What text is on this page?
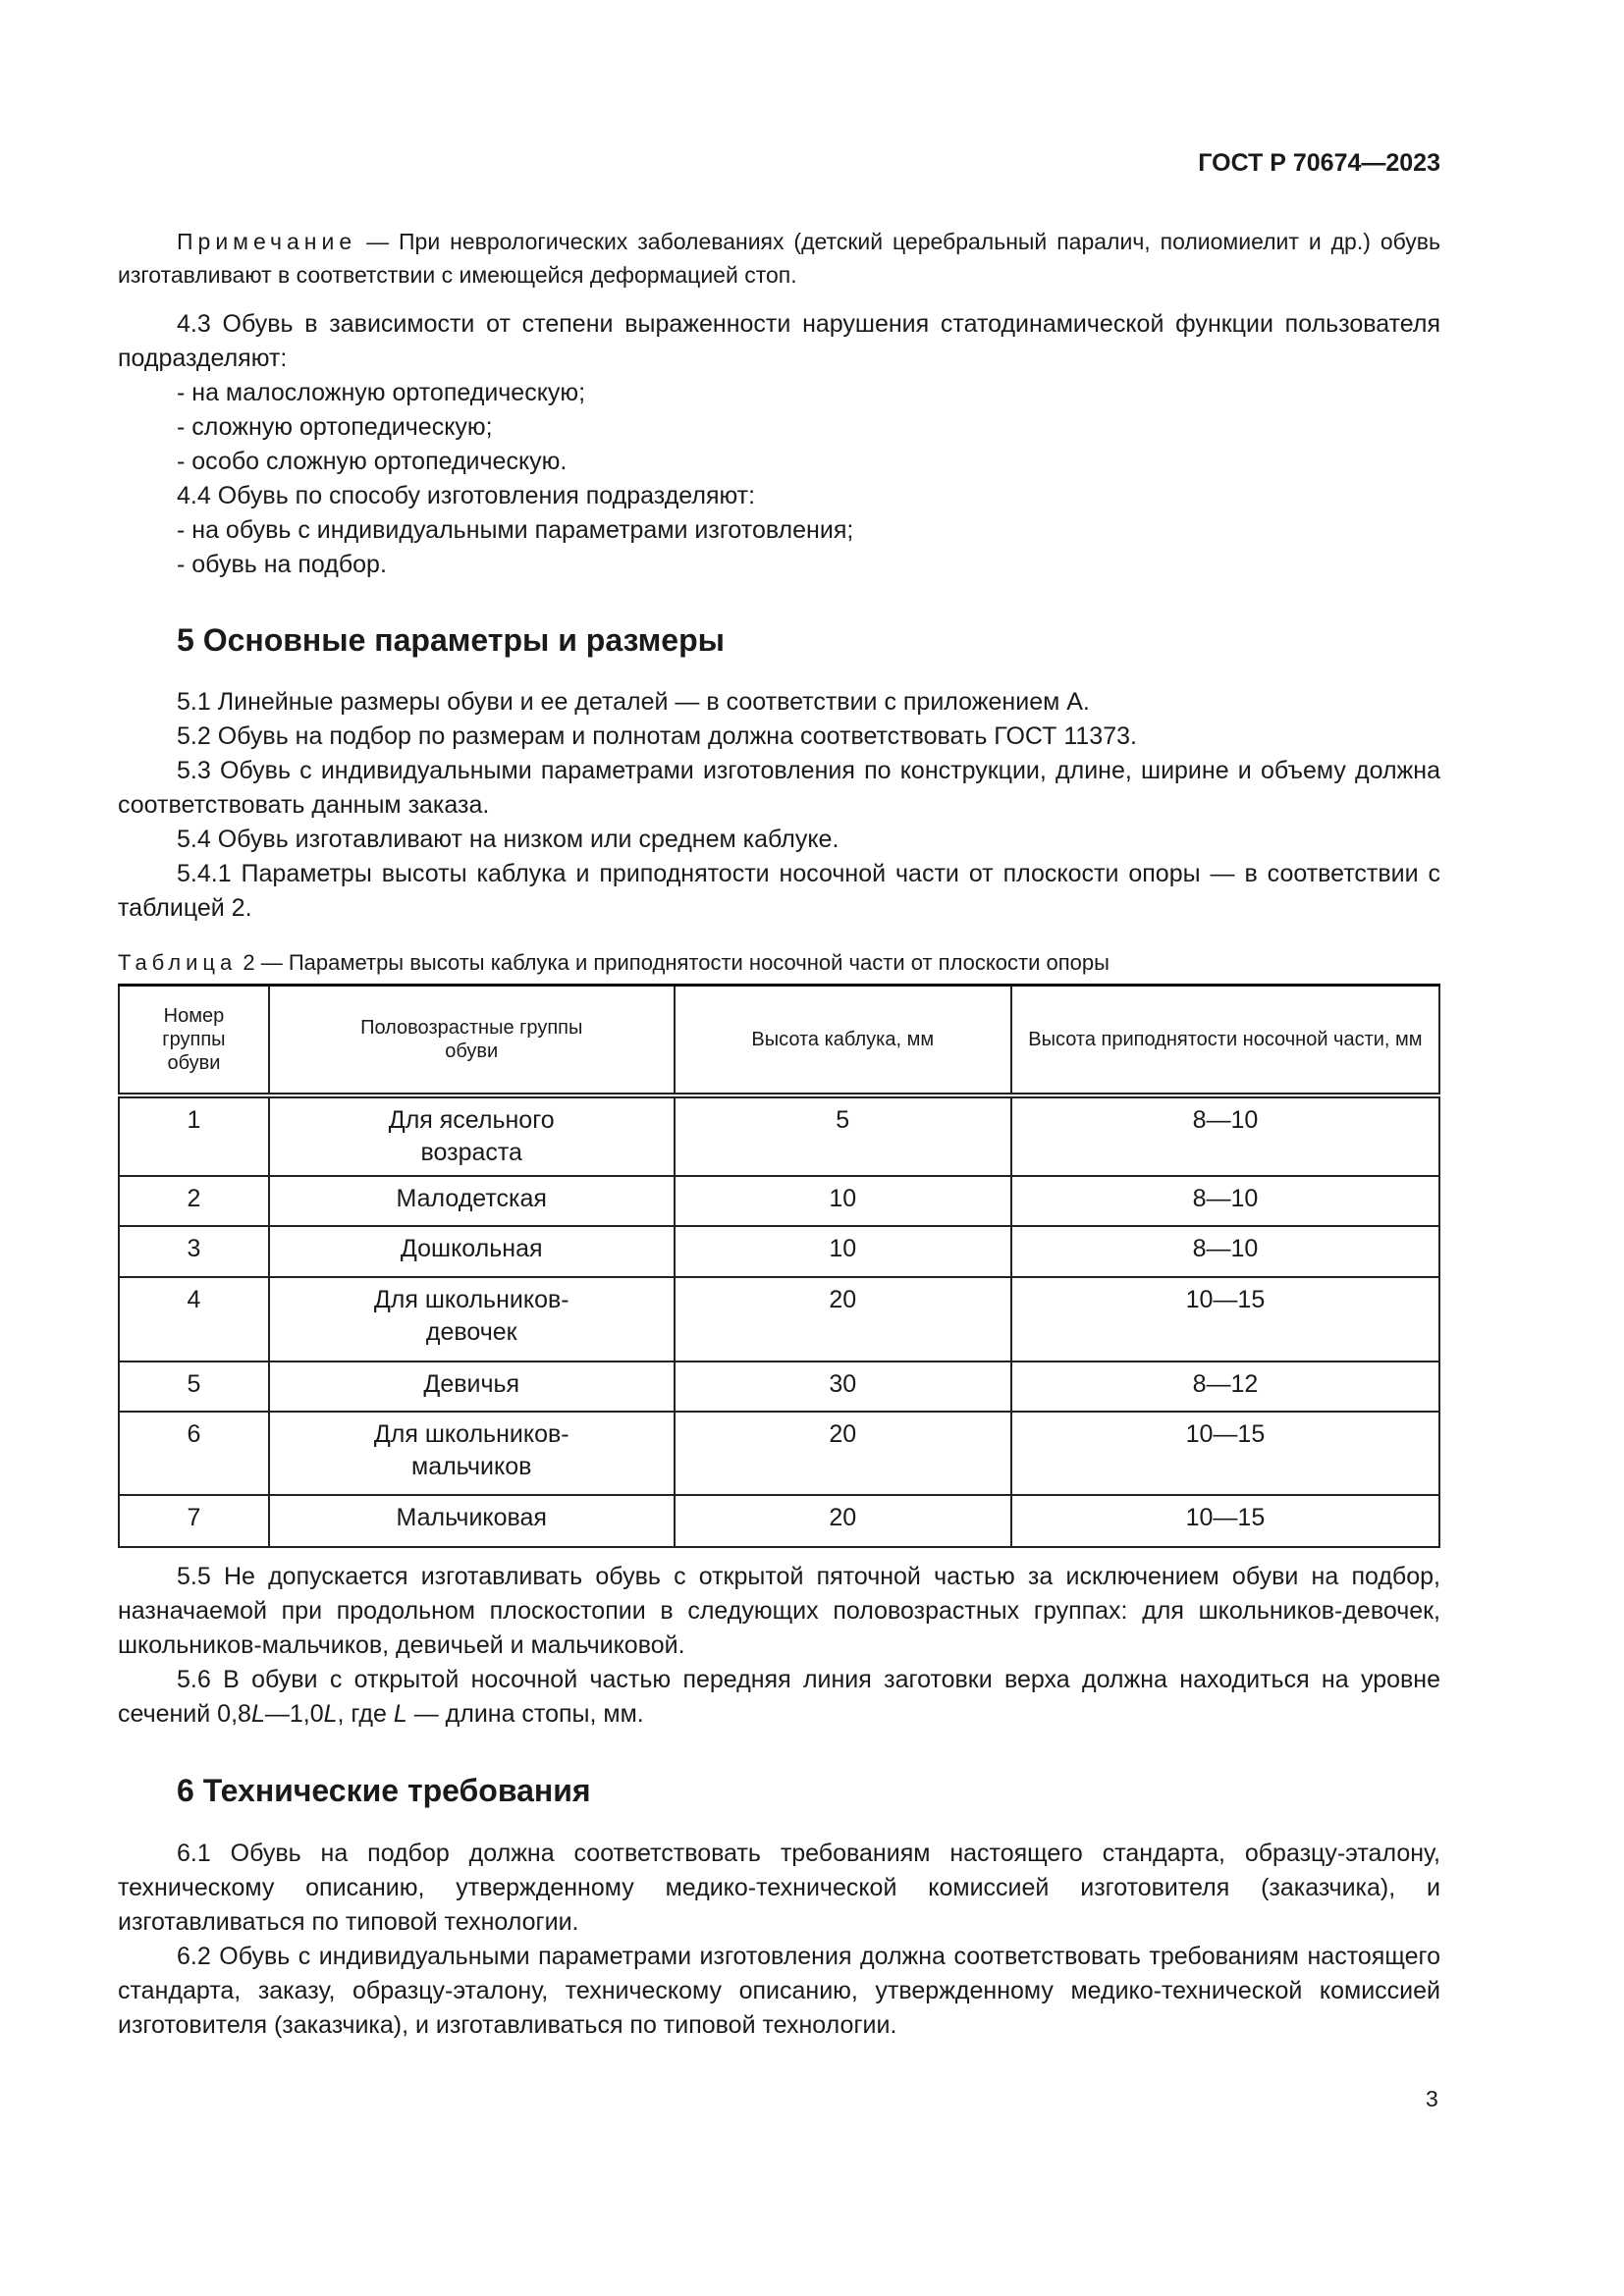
ГОСТ Р 70674—2023

Примечание — При неврологических заболеваниях (детский церебральный паралич, полиомиелит и др.) обувь изготавливают в соответствии с имеющейся деформацией стоп.

4.3 Обувь в зависимости от степени выраженности нарушения статодинамической функции пользователя подразделяют:

- на малосложную ортопедическую;

- сложную ортопедическую;

- особо сложную ортопедическую.

4.4 Обувь по способу изготовления подразделяют:

- на обувь с индивидуальными параметрами изготовления;

- обувь на подбор.

5 Основные параметры и размеры

5.1 Линейные размеры обуви и ее деталей — в соответствии с приложением А.

5.2 Обувь на подбор по размерам и полнотам должна соответствовать ГОСТ 11373.

5.3 Обувь с индивидуальными параметрами изготовления по конструкции, длине, ширине и объему должна соответствовать данным заказа.

5.4 Обувь изготавливают на низком или среднем каблуке.

5.4.1 Параметры высоты каблука и приподнятости носочной части от плоскости опоры — в соответствии с таблицей 2.

Таблица 2 — Параметры высоты каблука и приподнятости носочной части от плоскости опоры
Номер группы обуви	Половозрастные группы обуви	Высота каблука, мм	Высота приподнятости носочной части, мм
1	Для ясельного возраста	5	8—10
2	Малодетская	10	8—10
3	Дошкольная	10	8—10
4	Для школьников-девочек	20	10—15
5	Девичья	30	8—12
6	Для школьников-мальчиков	20	10—15
7	Мальчиковая	20	10—15

5.5 Не допускается изготавливать обувь с открытой пяточной частью за исключением обуви на подбор, назначаемой при продольном плоскостопии в следующих половозрастных группах: для школьников-девочек, школьников-мальчиков, девичьей и мальчиковой.

5.6 В обуви с открытой носочной частью передняя линия заготовки верха должна находиться на уровне сечений 0,8L—1,0L, где L — длина стопы, мм.

6 Технические требования

6.1 Обувь на подбор должна соответствовать требованиям настоящего стандарта, образцу-эталону, техническому описанию, утвержденному медико-технической комиссией изготовителя (заказчика), и изготавливаться по типовой технологии.

6.2 Обувь с индивидуальными параметрами изготовления должна соответствовать требованиям настоящего стандарта, заказу, образцу-эталону, техническому описанию, утвержденному медико-технической комиссией изготовителя (заказчика), и изготавливаться по типовой технологии.

3
